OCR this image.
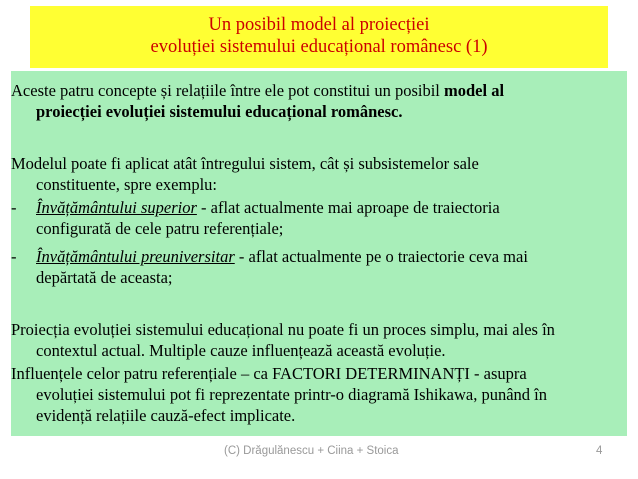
Un posibil model al proiecției
evoluției sistemului educațional românesc (1)
Aceste patru concepte și relațiile între ele pot constitui un posibil model al
proiecției evoluției sistemului educațional românesc.
Modelul poate fi aplicat atât întregului sistem, cât și subsistemelor sale
constituente, spre exemplu:
-	Învățământului superior - aflat actualmente mai aproape de traiectoria
configurată de cele patru referențiale;
-	Învățământului preuniversitar - aflat actualmente pe o traiectorie ceva mai
depărtată de aceasta;
Proiecția evoluției sistemului educațional nu poate fi un proces simplu, mai ales în
contextul actual. Multiple cauze influențează această evoluție.
Influențele celor patru referențiale – ca FACTORI DETERMINANȚI - asupra
evoluției sistemului pot fi reprezentate printr-o diagramă Ishikawa, punând în
evidență relațiile cauză-efect implicate.
(C) Drăgulănescu + Ciina + Stoica	4
